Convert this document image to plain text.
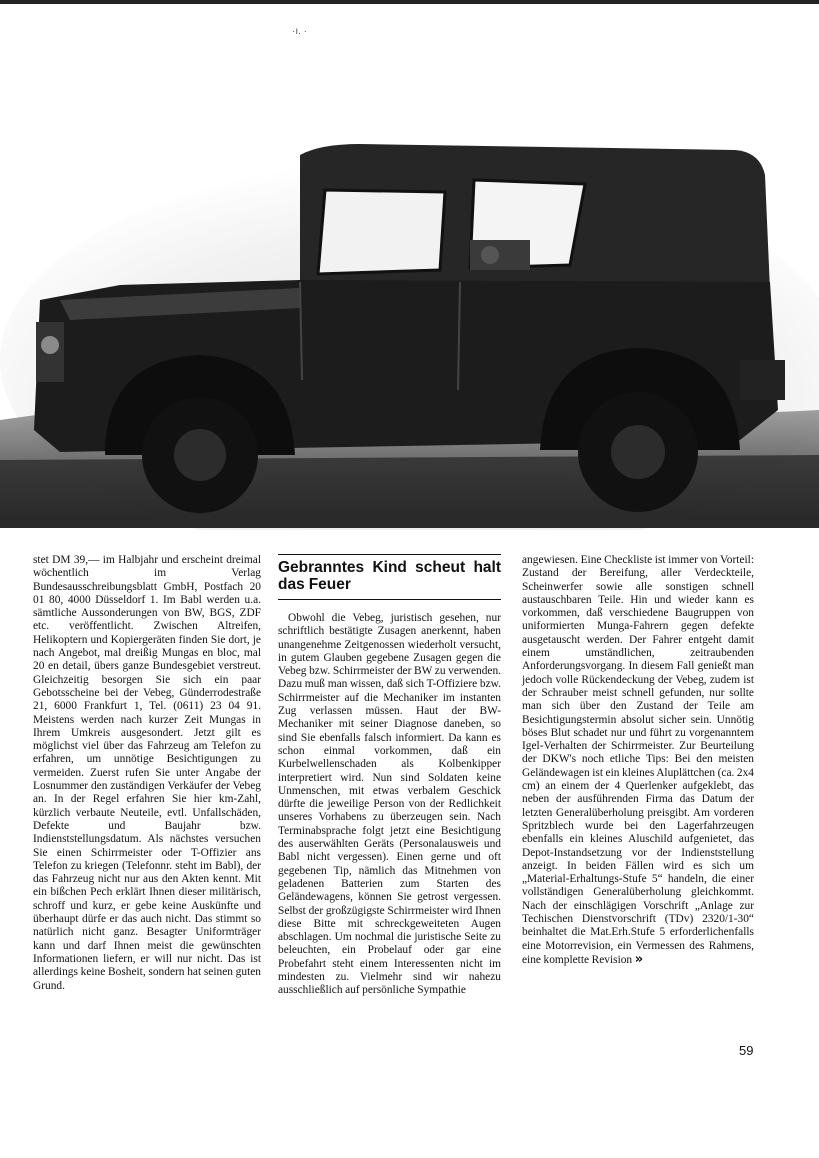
·ı. ·
Munga 6

stet DM 39,— im Halbjahr und erscheint dreimal wöchentlich im Verlag Bundesausschreibungsblatt GmbH, Postfach 20 01 80, 4000 Düsseldorf 1. Im Babl werden u.a. sämtliche Aussonderungen von BW, BGS, ZDF etc. veröffentlicht. Zwischen Altreifen, Helikoptern und Kopiergeräten finden Sie dort, je nach Angebot, mal dreißig Mungas en bloc, mal 20 en detail, übers ganze Bundesgebiet verstreut. Gleichzeitig besorgen Sie sich ein paar Gebotsscheine bei der Vebeg, Günderrodestraße 21, 6000 Frankfurt 1, Tel. (0611) 23 04 91. Meistens werden nach kurzer Zeit Mungas in Ihrem Umkreis ausgesondert. Jetzt gilt es möglichst viel über das Fahrzeug am Telefon zu erfahren, um unnötige Besichtigungen zu vermeiden. Zuerst rufen Sie unter Angabe der Losnummer den zuständigen Verkäufer der Vebeg an. In der Regel erfahren Sie hier km-Zahl, kürzlich verbaute Neuteile, evtl. Unfallschäden, Defekte und Baujahr bzw. Indienststellungsdatum. Als nächstes versuchen Sie einen Schirrmeister oder T-Offizier ans Telefon zu kriegen (Telefonnr. steht im Babl), der das Fahrzeug nicht nur aus den Akten kennt. Mit ein bißchen Pech erklärt Ihnen dieser militärisch, schroff und kurz, er gebe keine Auskünfte und überhaupt dürfe er das auch nicht. Das stimmt so natürlich nicht ganz. Besagter Uniformträger kann und darf Ihnen meist die gewünschten Informationen liefern, er will nur nicht. Das ist allerdings keine Bosheit, sondern hat seinen guten Grund.

Gebranntes Kind scheut halt das Feuer

Obwohl die Vebeg, juristisch gesehen, nur schriftlich bestätigte Zusagen anerkennt, haben unangenehme Zeitgenossen wiederholt versucht, in gutem Glauben gegebene Zusagen gegen die Vebeg bzw. Schirrmeister der BW zu verwenden. Dazu muß man wissen, daß sich T-Offiziere bzw. Schirrmeister auf die Mechaniker im instanten Zug verlassen müssen. Haut der BW-Mechaniker mit seiner Diagnose daneben, so sind Sie ebenfalls falsch informiert. Da kann es schon einmal vorkommen, daß ein Kurbelwellenschaden als Kolbenkipper interpretiert wird. Nun sind Soldaten keine Unmenschen, mit etwas verbalem Geschick dürfte die jeweilige Person von der Redlichkeit unseres Vorhabens zu überzeugen sein. Nach Terminabsprache folgt jetzt eine Besichtigung des auserwählten Geräts (Personalausweis und Babl nicht vergessen). Einen gerne und oft gegebenen Tip, nämlich das Mitnehmen von geladenen Batterien zum Starten des Geländewagens, können Sie getrost vergessen. Selbst der großzügigste Schirrmeister wird Ihnen diese Bitte mit schreckgeweiteten Augen abschlagen. Um nochmal die juristische Seite zu beleuchten, ein Probelauf oder gar eine Probefahrt steht einem Interessenten nicht im mindesten zu. Vielmehr sind wir nahezu ausschließlich auf persönliche Sympathie

angewiesen. Eine Checkliste ist immer von Vorteil: Zustand der Bereifung, aller Verdeckteile, Scheinwerfer sowie alle sonstigen schnell austauschbaren Teile. Hin und wieder kann es vorkommen, daß verschiedene Baugruppen von uniformierten Munga-Fahrern gegen defekte ausgetauscht werden. Der Fahrer entgeht damit einem umständlichen, zeitraubenden Anforderungsvorgang. In diesem Fall genießt man jedoch volle Rückendeckung der Vebeg, zudem ist der Schrauber meist schnell gefunden, nur sollte man sich über den Zustand der Teile am Besichtigungstermin absolut sicher sein. Unnötig böses Blut schadet nur und führt zu vorgenanntem Igel-Verhalten der Schirrmeister. Zur Beurteilung der DKW's noch etliche Tips: Bei den meisten Geländewagen ist ein kleines Aluplättchen (ca. 2x4 cm) an einem der 4 Querlenker aufgeklebt, das neben der ausführenden Firma das Datum der letzten Generalüberholung preisgibt. Am vorderen Spritzblech wurde bei den Lagerfahrzeugen ebenfalls ein kleines Aluschild aufgenietet, das Depot-Instandsetzung vor der Indienststellung anzeigt. In beiden Fällen wird es sich um „Material-Erhaltungs-Stufe 5“ handeln, die einer vollständigen Generalüberholung gleichkommt. Nach der einschlägigen Vorschrift „Anlage zur Techischen Dienstvorschrift (TDv) 2320/1-30“ beinhaltet die Mat.Erh.Stufe 5 erforderlichenfalls eine Motorrevision, ein Vermessen des Rahmens, eine komplette Revision »

59
